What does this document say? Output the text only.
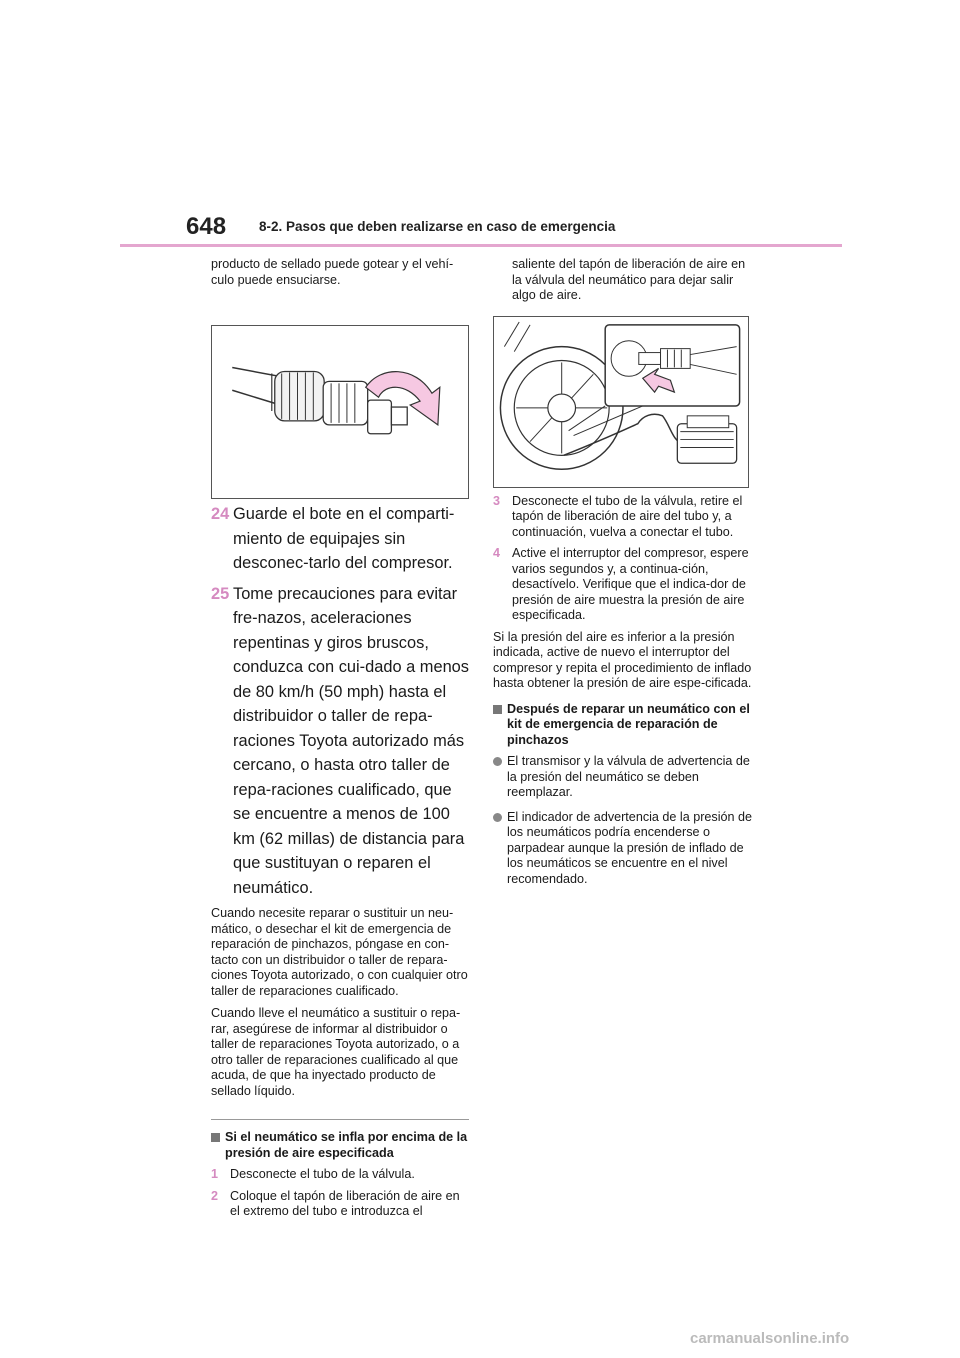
648 8-2. Pasos que deben realizarse en caso de emergencia

producto de sellado puede gotear y el vehí-culo puede ensuciarse.

24 Guarde el bote en el comparti-miento de equipajes sin desconec-tarlo del compresor.
25 Tome precauciones para evitar fre-nazos, aceleraciones repentinas y giros bruscos, conduzca con cui-dado a menos de 80 km/h (50 mph) hasta el distribuidor o taller de repa-raciones Toyota autorizado más cercano, o hasta otro taller de repa-raciones cualificado, que se encuentre a menos de 100 km (62 millas) de distancia para que sustituyan o reparen el neumático.

Cuando necesite reparar o sustituir un neu-mático, o desechar el kit de emergencia de reparación de pinchazos, póngase en con-tacto con un distribuidor o taller de repara-ciones Toyota autorizado, o con cualquier otro taller de reparaciones cualificado.

Cuando lleve el neumático a sustituir o repa-rar, asegúrese de informar al distribuidor o taller de reparaciones Toyota autorizado, o a otro taller de reparaciones cualificado al que acuda, de que ha inyectado producto de sellado líquido.

Si el neumático se infla por encima de la presión de aire especificada
1 Desconecte el tubo de la válvula.
2 Coloque el tapón de liberación de aire en el extremo del tubo e introduzca el

saliente del tapón de liberación de aire en la válvula del neumático para dejar salir algo de aire.

3 Desconecte el tubo de la válvula, retire el tapón de liberación de aire del tubo y, a continuación, vuelva a conectar el tubo.
4 Active el interruptor del compresor, espere varios segundos y, a continua-ción, desactívelo. Verifique que el indica-dor de presión de aire muestra la presión de aire especificada.

Si la presión del aire es inferior a la presión indicada, active de nuevo el interruptor del compresor y repita el procedimiento de inflado hasta obtener la presión de aire espe-cificada.

Después de reparar un neumático con el kit de emergencia de reparación de pinchazos
El transmisor y la válvula de advertencia de la presión del neumático se deben reemplazar.
El indicador de advertencia de la presión de los neumáticos podría encenderse o parpadear aunque la presión de inflado de los neumáticos se encuentre en el nivel recomendado.
carmanualsonline.info
